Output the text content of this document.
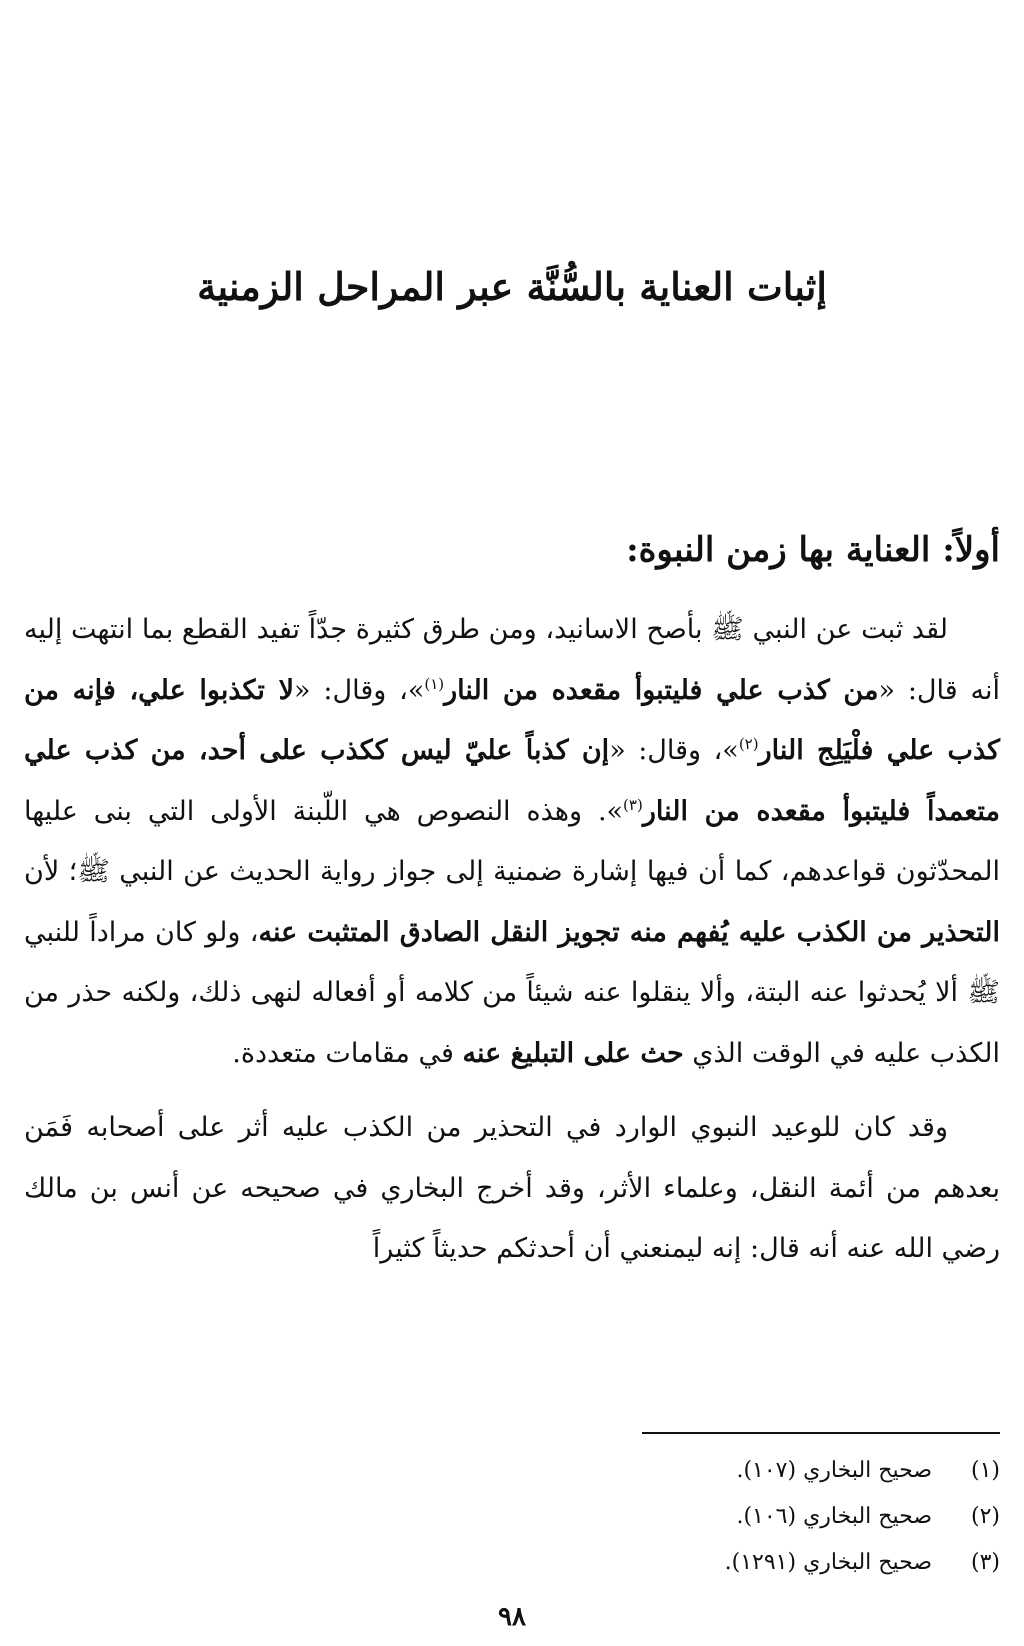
إثبات العناية بالسُّنَّة عبر المراحل الزمنية
أولاً: العناية بها زمن النبوة:

لقد ثبت عن النبي ﷺ بأصح الاسانيد، ومن طرق كثيرة جدّاً تفيد القطع بما انتهت إليه أنه قال: «من كذب علي فليتبوأ مقعده من النار$^{(١)}$»، وقال: «لا تكذبوا علي، فإنه من كذب علي فلْيَلِج النار$^{(٢)}$»، وقال: «إن كذباً عليّ ليس ككذب على أحد، من كذب علي متعمداً فليتبوأ مقعده من النار$^{(٣)}$». وهذه النصوص هي اللّبنة الأولى التي بنى عليها المحدّثون قواعدهم، كما أن فيها إشارة ضمنية إلى جواز رواية الحديث عن النبي ﷺ؛ لأن التحذير من الكذب عليه يُفهم منه تجويز النقل الصادق المتثبت عنه، ولو كان مراداً للنبي ﷺ ألا يُحدثوا عنه البتة، وألا ينقلوا عنه شيئاً من كلامه أو أفعاله لنهى ذلك، ولكنه حذر من الكذب عليه في الوقت الذي حث على التبليغ عنه في مقامات متعددة.

وقد كان للوعيد النبوي الوارد في التحذير من الكذب عليه أثر على أصحابه فَمَن بعدهم من أئمة النقل، وعلماء الأثر، وقد أخرج البخاري في صحيحه عن أنس بن مالك رضي الله عنه أنه قال: إنه ليمنعني أن أحدثكم حديثاً كثيراً

(١)
صحيح البخاري (١٠٧).
(٢)
صحيح البخاري (١٠٦).
(٣)
صحيح البخاري (١٢٩١).
٩٨
